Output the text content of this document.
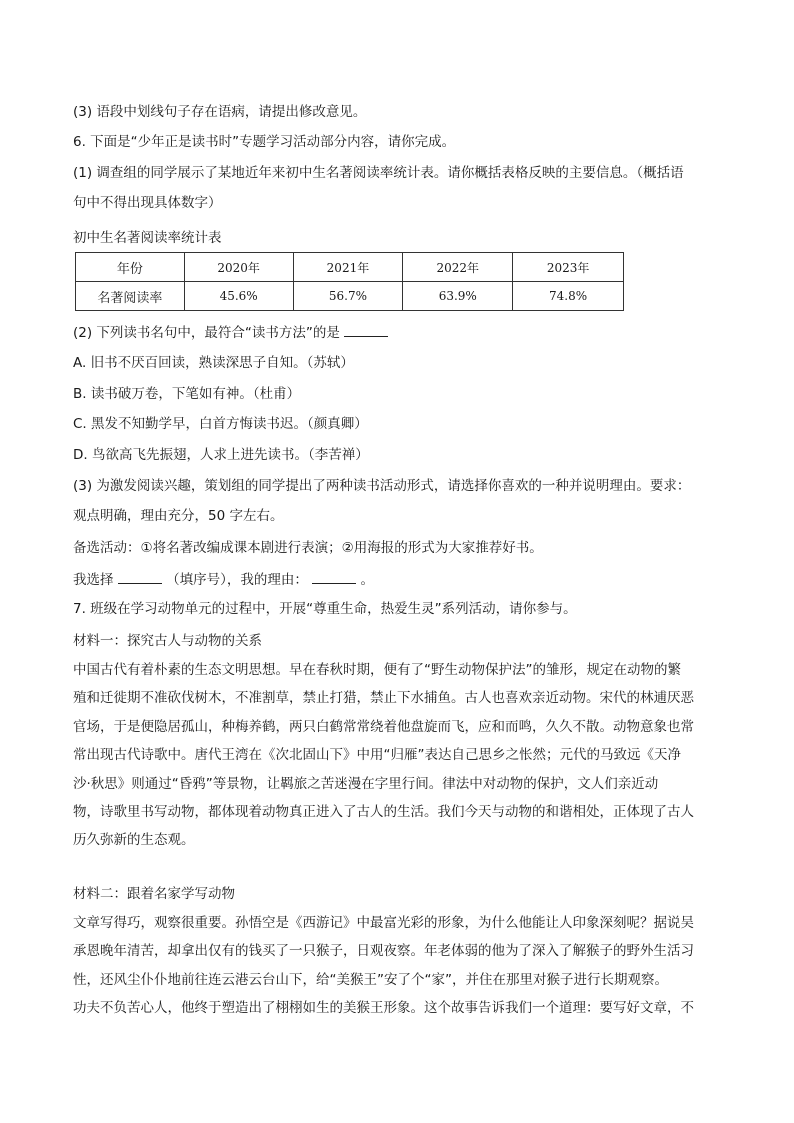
(3) 语段中划线句子存在语病，请提出修改意见。
6. 下面是“少年正是读书时”专题学习活动部分内容，请你完成。
(1) 调查组的同学展示了某地近年来初中生名著阅读率统计表。请你概括表格反映的主要信息。（概括语
句中不得出现具体数字）
初中生名著阅读率统计表
年份	2020年	2021年	2022年	2023年
名著阅读率	45.6%	56.7%	63.9%	74.8%
(2) 下列读书名句中，最符合“读书方法”的是
A. 旧书不厌百回读，熟读深思子自知。（苏轼）
B. 读书破万卷，下笔如有神。（杜甫）
C. 黑发不知勤学早，白首方悔读书迟。（颜真卿）
D. 鸟欲高飞先振翅，人求上进先读书。（李苦禅）
(3) 为激发阅读兴趣，策划组的同学提出了两种读书活动形式，请选择你喜欢的一种并说明理由。要求：
观点明确，理由充分，50 字左右。
备选活动：①将名著改编成课本剧进行表演；②用海报的形式为大家推荐好书。
我选择	（填序号），我的理由：	。
7. 班级在学习动物单元的过程中，开展“尊重生命，热爱生灵”系列活动，请你参与。
材料一：探究古人与动物的关系
中国古代有着朴素的生态文明思想。早在春秋时期，便有了“野生动物保护法”的雏形，规定在动物的繁
殖和迁徙期不准砍伐树木，不准割草，禁止打猎，禁止下水捕鱼。古人也喜欢亲近动物。宋代的林逋厌恶
官场，于是便隐居孤山，种梅养鹤，两只白鹤常常绕着他盘旋而飞，应和而鸣，久久不散。动物意象也常
常出现古代诗歌中。唐代王湾在《次北固山下》中用“归雁”表达自己思乡之怅然；元代的马致远《天净
沙·秋思》则通过“昏鸦”等景物，让羁旅之苦迷漫在字里行间。律法中对动物的保护，文人们亲近动
物，诗歌里书写动物，都体现着动物真正进入了古人的生活。我们今天与动物的和谐相处，正体现了古人
历久弥新的生态观。
材料二：跟着名家学写动物
文章写得巧，观察很重要。孙悟空是《西游记》中最富光彩的形象，为什么他能让人印象深刻呢？据说吴
承恩晚年清苦，却拿出仅有的钱买了一只猴子，日观夜察。年老体弱的他为了深入了解猴子的野外生活习
性，还风尘仆仆地前往连云港云台山下，给“美猴王”安了个“家”，并住在那里对猴子进行长期观察。
功夫不负苦心人，他终于塑造出了栩栩如生的美猴王形象。这个故事告诉我们一个道理：要写好文章，不
